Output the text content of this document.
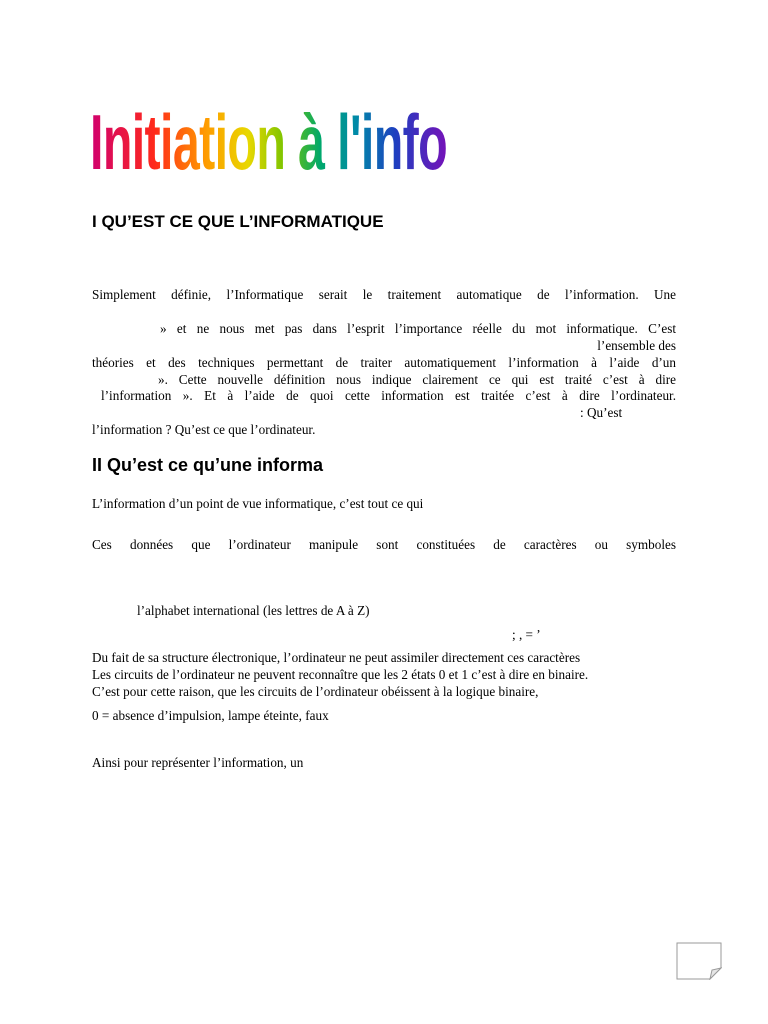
Initiation à l'informatique
I QU’EST CE QUE L’INFORMATIQUE
Simplement définie, l’Informatique serait le traitement automatique de l’information. Une
» et ne nous met pas dans l’esprit l’importance réelle du mot informatique. C’est
l’ensemble des
théories et des techniques permettant de traiter automatiquement l’information à l’aide d’un
». Cette nouvelle définition nous indique clairement ce qui est traité c’est à dire
l’information ». Et à l’aide de quoi cette information est traitée c’est à dire l’ordinateur.
: Qu’est
l’information ? Qu’est ce que l’ordinateur.
II Qu’est ce qu’une informa
L’information d’un point de vue informatique, c’est tout ce qui
Ces données que l’ordinateur manipule sont constituées de caractères ou symboles
l’alphabet international (les lettres de A à Z)
; , = ’
Du fait de sa structure électronique, l’ordinateur ne peut assimiler directement ces caractères
Les circuits de l’ordinateur ne peuvent reconnaître que les 2 états 0 et 1 c’est à dire en binaire.
C’est pour cette raison, que les circuits de l’ordinateur obéissent à la logique binaire,
0 = absence d’impulsion, lampe éteinte, faux
Ainsi pour représenter l’information, un
